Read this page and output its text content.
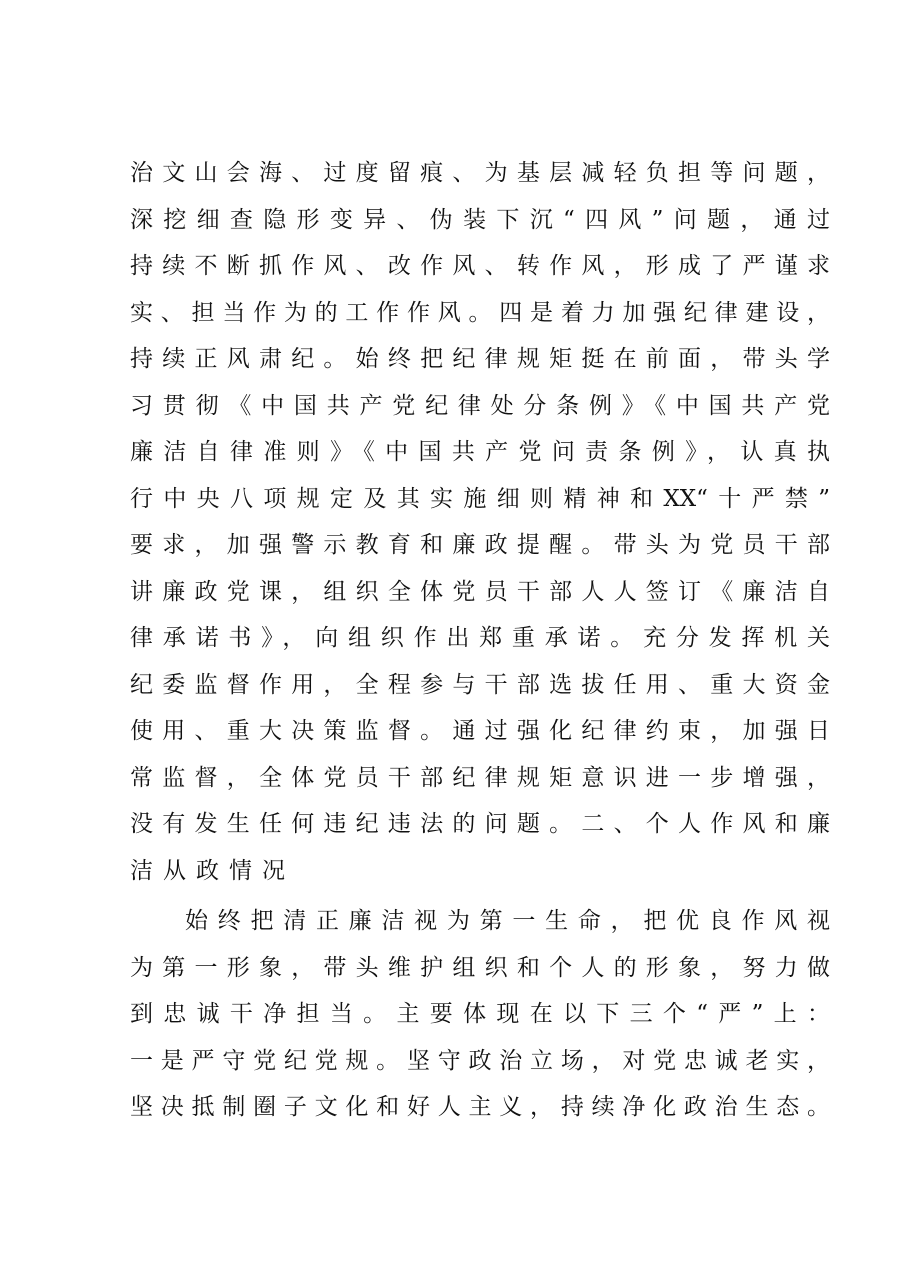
治文山会海、过度留痕、为基层减轻负担等问题，
深挖细查隐形变异、伪装下沉“四风”问题，通过
持续不断抓作风、改作风、转作风，形成了严谨求
实、担当作为的工作作风。四是着力加强纪律建设，
持续正风肃纪。始终把纪律规矩挺在前面，带头学
习贯彻《中国共产党纪律处分条例》《中国共产党
廉洁自律准则》《中国共产党问责条例》，认真执
行中央八项规定及其实施细则精神和XX“十严禁”
要求，加强警示教育和廉政提醒。带头为党员干部
讲廉政党课，组织全体党员干部人人签订《廉洁自
律承诺书》，向组织作出郑重承诺。充分发挥机关
纪委监督作用，全程参与干部选拔任用、重大资金
使用、重大决策监督。通过强化纪律约束，加强日
常监督，全体党员干部纪律规矩意识进一步增强，
没有发生任何违纪违法的问题。二、个人作风和廉
洁从政情况
始终把清正廉洁视为第一生命，把优良作风视
为第一形象，带头维护组织和个人的形象，努力做
到忠诚干净担当。主要体现在以下三个“严”上：
一是严守党纪党规。坚守政治立场，对党忠诚老实，
坚决抵制圈子文化和好人主义，持续净化政治生态。
